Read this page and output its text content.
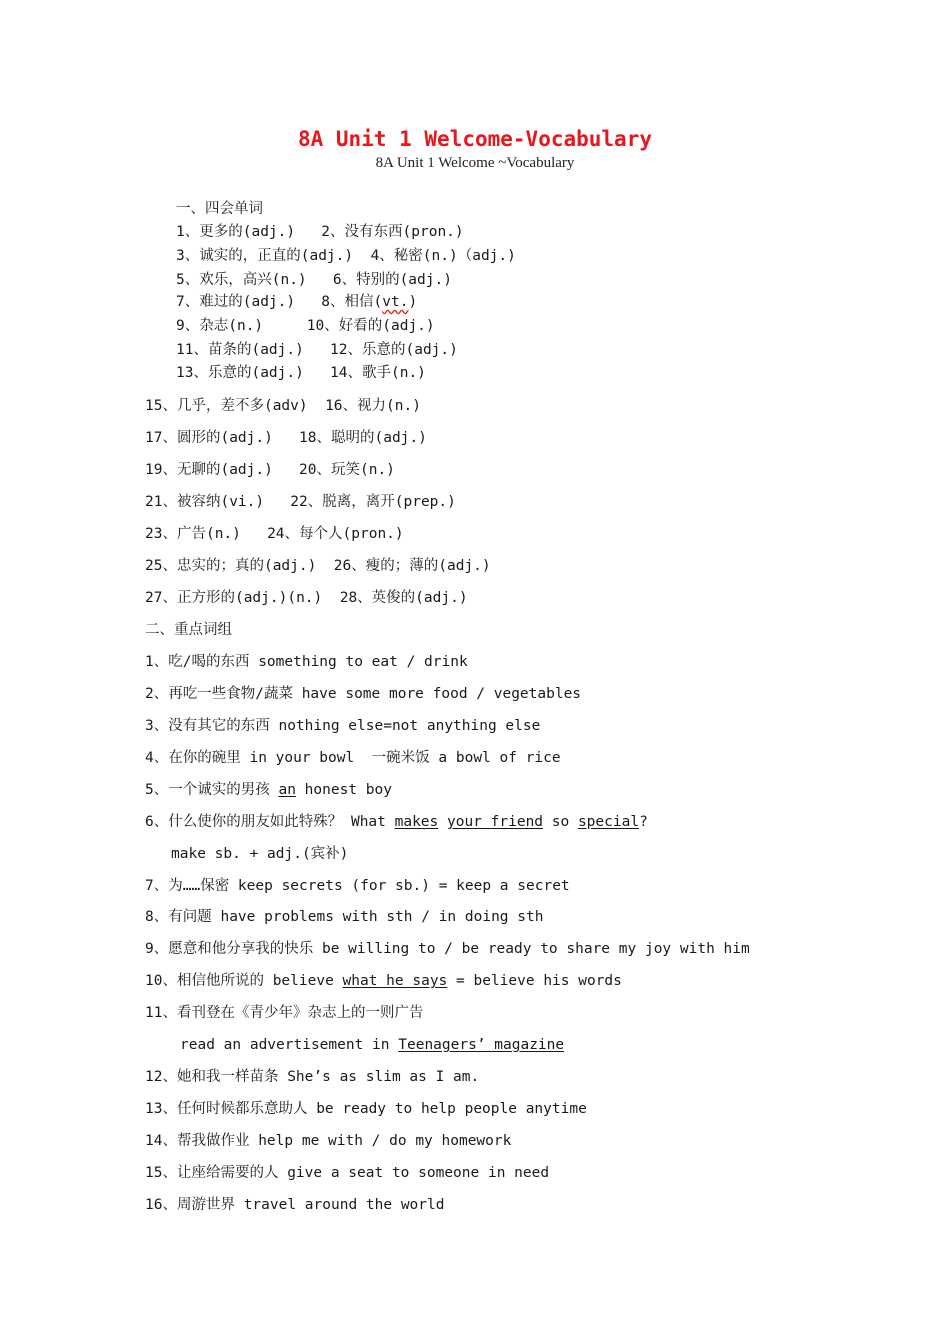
8A Unit 1 Welcome-Vocabulary
8A Unit 1 Welcome ~Vocabulary
一、四会单词
1、更多的(adj.)   2、没有东西(pron.)
3、诚实的，正直的(adj.)  4、秘密(n.)（adj.)
5、欢乐，高兴(n.)   6、特别的(adj.)
7、难过的(adj.)   8、相信(vt.)
9、杂志(n.)     10、好看的(adj.)
11、苗条的(adj.)   12、乐意的(adj.)
13、乐意的(adj.)   14、歌手(n.)
15、几乎，差不多(adv)  16、视力(n.)
17、圆形的(adj.)   18、聪明的(adj.)
19、无聊的(adj.)   20、玩笑(n.)
21、被容纳(vi.)   22、脱离，离开(prep.)
23、广告(n.)   24、每个人(pron.)
25、忠实的；真的(adj.)  26、瘦的；薄的(adj.)
27、正方形的(adj.)(n.)  28、英俊的(adj.)
二、重点词组
1、吃/喝的东西 something to eat / drink
2、再吃一些食物/蔬菜 have some more food / vegetables
3、没有其它的东西 nothing else=not anything else
4、在你的碗里 in your bowl  一碗米饭 a bowl of rice
5、一个诚实的男孩 an honest boy
6、什么使你的朋友如此特殊？ What makes your friend so special?
make sb. + adj.(宾补)
7、为……保密 keep secrets (for sb.) = keep a secret
8、有问题 have problems with sth / in doing sth
9、愿意和他分享我的快乐 be willing to / be ready to share my joy with him
10、相信他所说的 believe what he says = believe his words
11、看刊登在《青少年》杂志上的一则广告
read an advertisement in Teenagers’ magazine
12、她和我一样苗条 She’s as slim as I am.
13、任何时候都乐意助人 be ready to help people anytime
14、帮我做作业 help me with / do my homework
15、让座给需要的人 give a seat to someone in need
16、周游世界 travel around the world
